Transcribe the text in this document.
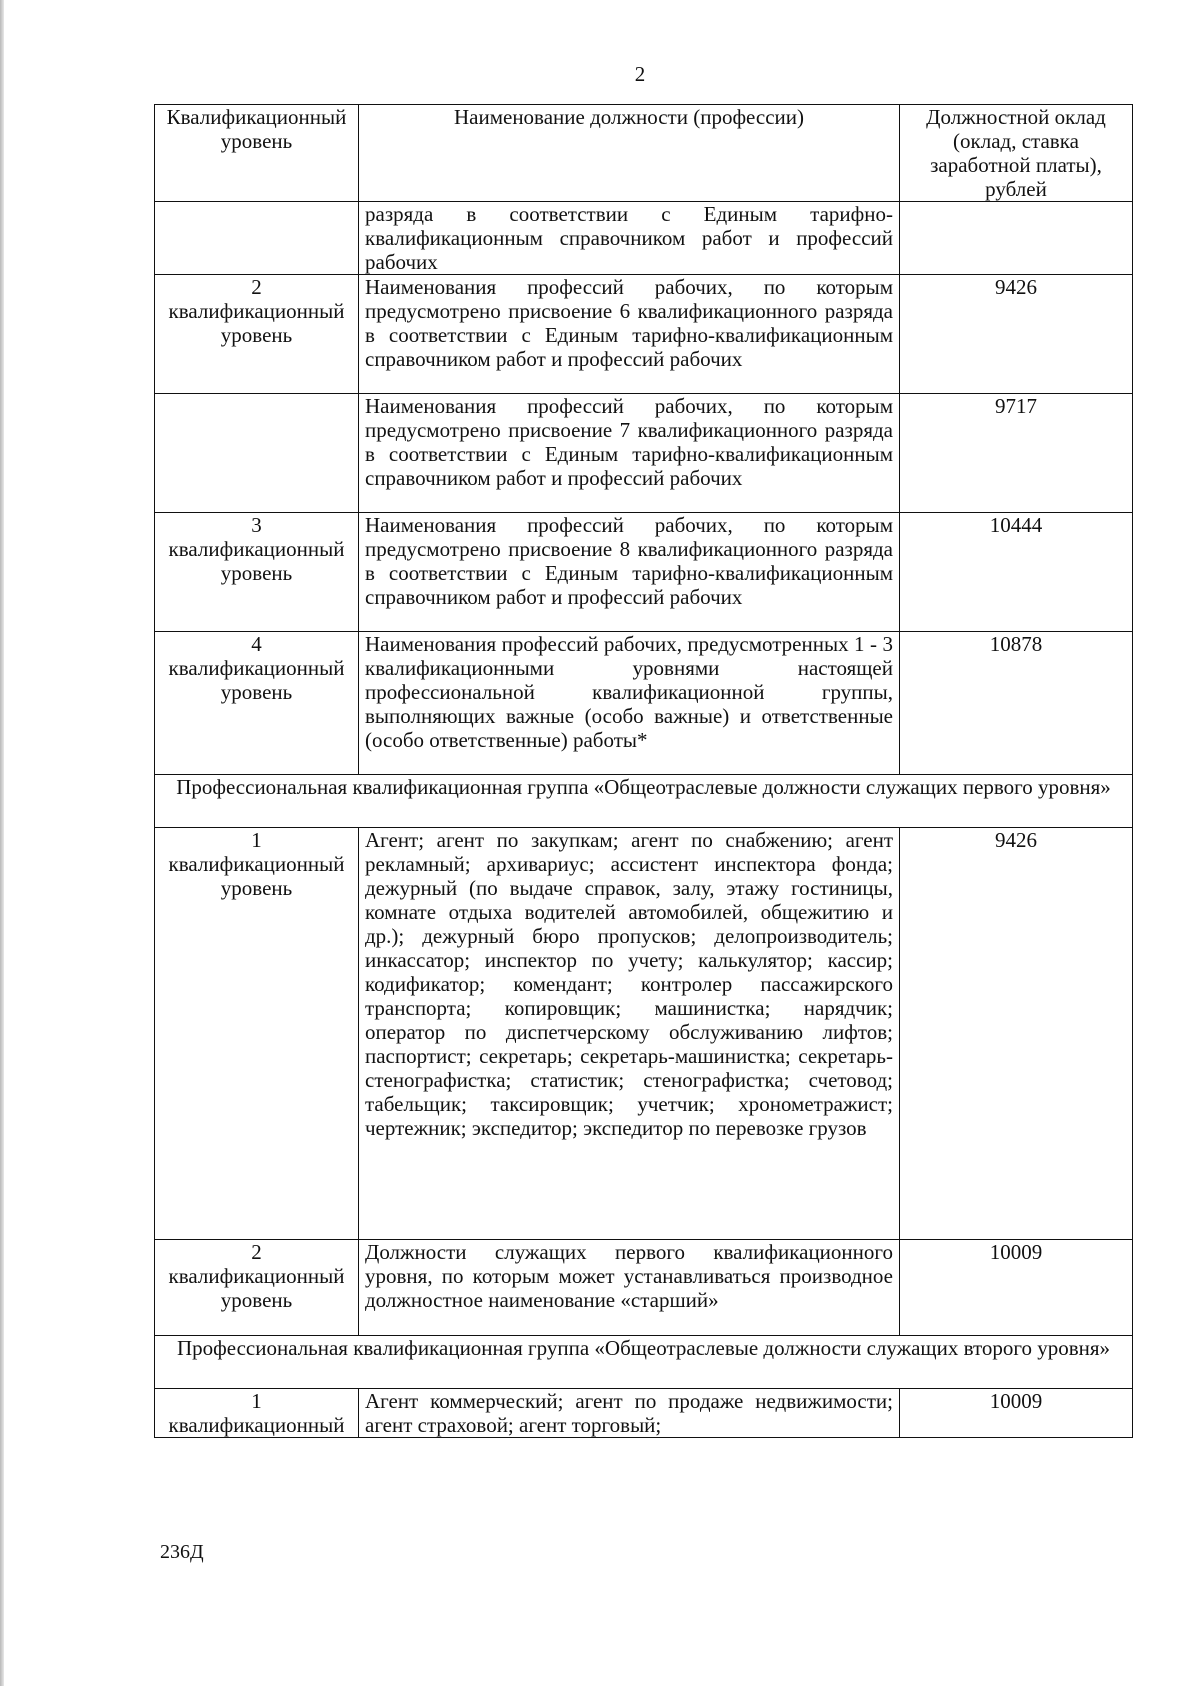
2
Квалификационный уровень	Наименование должности (профессии)	Должностной оклад (оклад, ставка заработной платы), рублей
	разряда в соответствии с Единым тарифно-квалификационным справочником работ и профессий рабочих	
2 квалификационный уровень	Наименования профессий рабочих, по которым предусмотрено присвоение 6 квалификационного разряда в соответствии с Единым тарифно-квалификационным справочником работ и профессий рабочих	9426
	Наименования профессий рабочих, по которым предусмотрено присвоение 7 квалификационного разряда в соответствии с Единым тарифно-квалификационным справочником работ и профессий рабочих	9717
3 квалификационный уровень	Наименования профессий рабочих, по которым предусмотрено присвоение 8 квалификационного разряда в соответствии с Единым тарифно-квалификационным справочником работ и профессий рабочих	10444
4 квалификационный уровень	Наименования профессий рабочих, предусмотренных 1 - 3 квалификационными уровнями настоящей профессиональной квалификационной группы, выполняющих важные (особо важные) и ответственные (особо ответственные) работы*	10878
Профессиональная квалификационная группа «Общеотраслевые должности служащих первого уровня»		
1 квалификационный уровень	Агент; агент по закупкам; агент по снабжению; агент рекламный; архивариус; ассистент инспектора фонда; дежурный (по выдаче справок, залу, этажу гостиницы, комнате отдыха водителей автомобилей, общежитию и др.); дежурный бюро пропусков; делопроизводитель; инкассатор; инспектор по учету; калькулятор; кассир; кодификатор; комендант; контролер пассажирского транспорта; копировщик; машинистка; нарядчик; оператор по диспетчерскому обслуживанию лифтов; паспортист; секретарь; секретарь-машинистка; секретарь-стенографистка; статистик; стенографистка; счетовод; табельщик; таксировщик; учетчик; хронометражист; чертежник; экспедитор; экспедитор по перевозке грузов	9426
2 квалификационный уровень	Должности служащих первого квалификационного уровня, по которым может устанавливаться производное должностное наименование «старший»	10009
Профессиональная квалификационная группа «Общеотраслевые должности служащих второго уровня»		
1 квалификационный	Агент коммерческий; агент по продаже недвижимости; агент страховой; агент торговый;	10009
236Д
